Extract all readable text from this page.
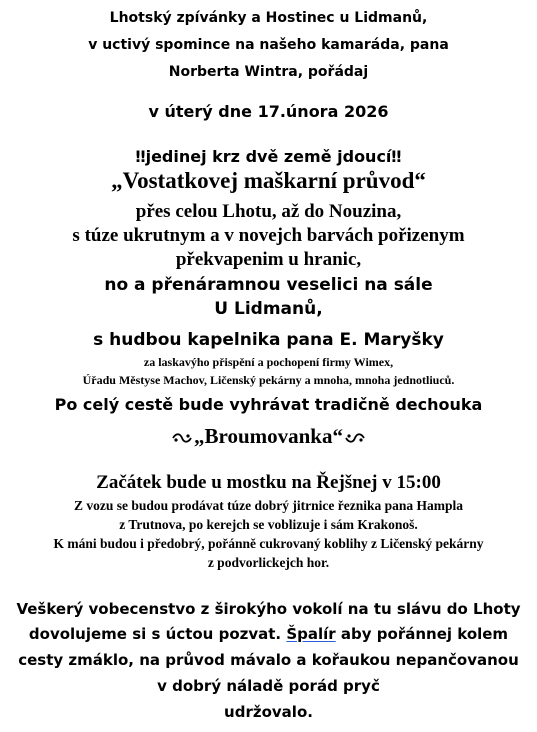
Lhotský zpívánky a Hostinec u Lidmanů,

v uctivý spomince na našeho kamaráda, pana

Norberta Wintra, pořádaj

v úterý dne 17.února 2026

‼jedinej krz dvě země jdoucí‼

„Vostatkovej maškarní průvod“

přes celou Lhotu, až do Nouzina,

s túze ukrutnym a v novejch barvách pořizenym

překvapenim u hranic,

no a přenáramnou veselici na sále

U Lidmanů,

s hudbou kapelnika pana E. Maryšky

za laskavýho přispění a pochopení firmy Wimex,

Úřadu Městyse Machov, Ličenský pekárny a mnoha, mnoha jednotliuců.

Po celý cestě bude vyhrávat tradičně dechouka

„Broumovanka“

Začátek bude u mostku na Řejšnej v 15:00

Z vozu se budou prodávat túze dobrý jitrnice řeznika pana Hampla

z Trutnova, po kerejch se voblizuje i sám Krakonoš.

K máni budou i předobrý, pořánně cukrovaný koblihy z Ličenský pekárny

z podvorlickejch hor.

Veškerý vobecenstvo z širokýho vokolí na tu slávu do Lhoty

dovolujeme si s úctou pozvat. Špalír aby pořánnej kolem

cesty zmáklo, na průvod mávalo a kořaukou nepančovanou

v dobrý náladě porád pryč

udržovalo.
